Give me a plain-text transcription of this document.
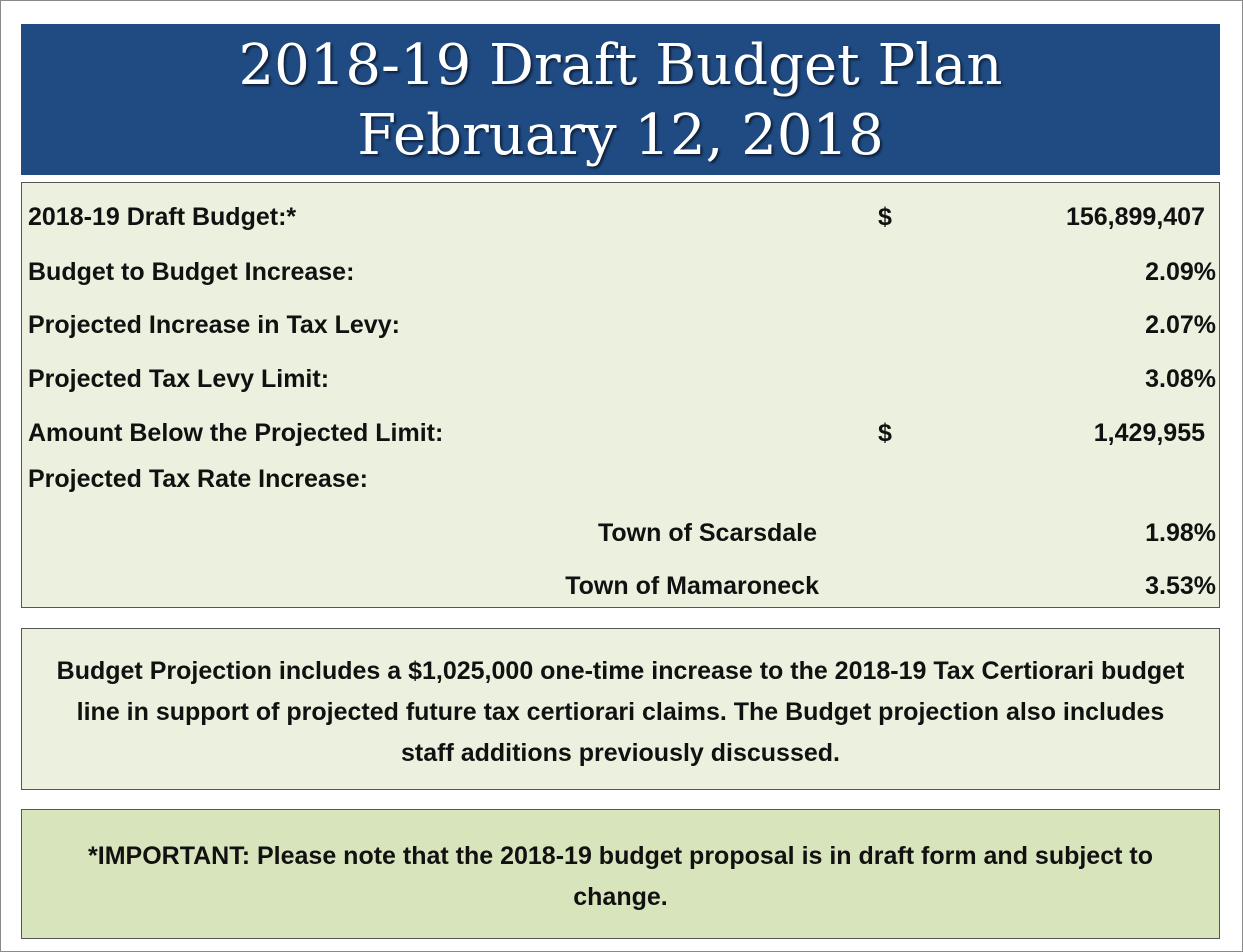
2018-19 Draft Budget Plan
February 12, 2018
2018-19 Draft Budget:*	$	156,899,407
Budget to Budget Increase:	2.09%
Projected Increase in Tax Levy:	2.07%
Projected Tax Levy Limit:	3.08%
Amount Below the Projected Limit:	$	1,429,955
Projected Tax Rate Increase:
Town of Scarsdale	1.98%
Town of Mamaroneck	3.53%
Budget Projection includes a $1,025,000 one-time increase to the 2018-19 Tax Certiorari budget line in support of projected future tax certiorari claims. The Budget projection also includes staff additions previously discussed.
*IMPORTANT: Please note that the 2018-19 budget proposal is in draft form and subject to change.
